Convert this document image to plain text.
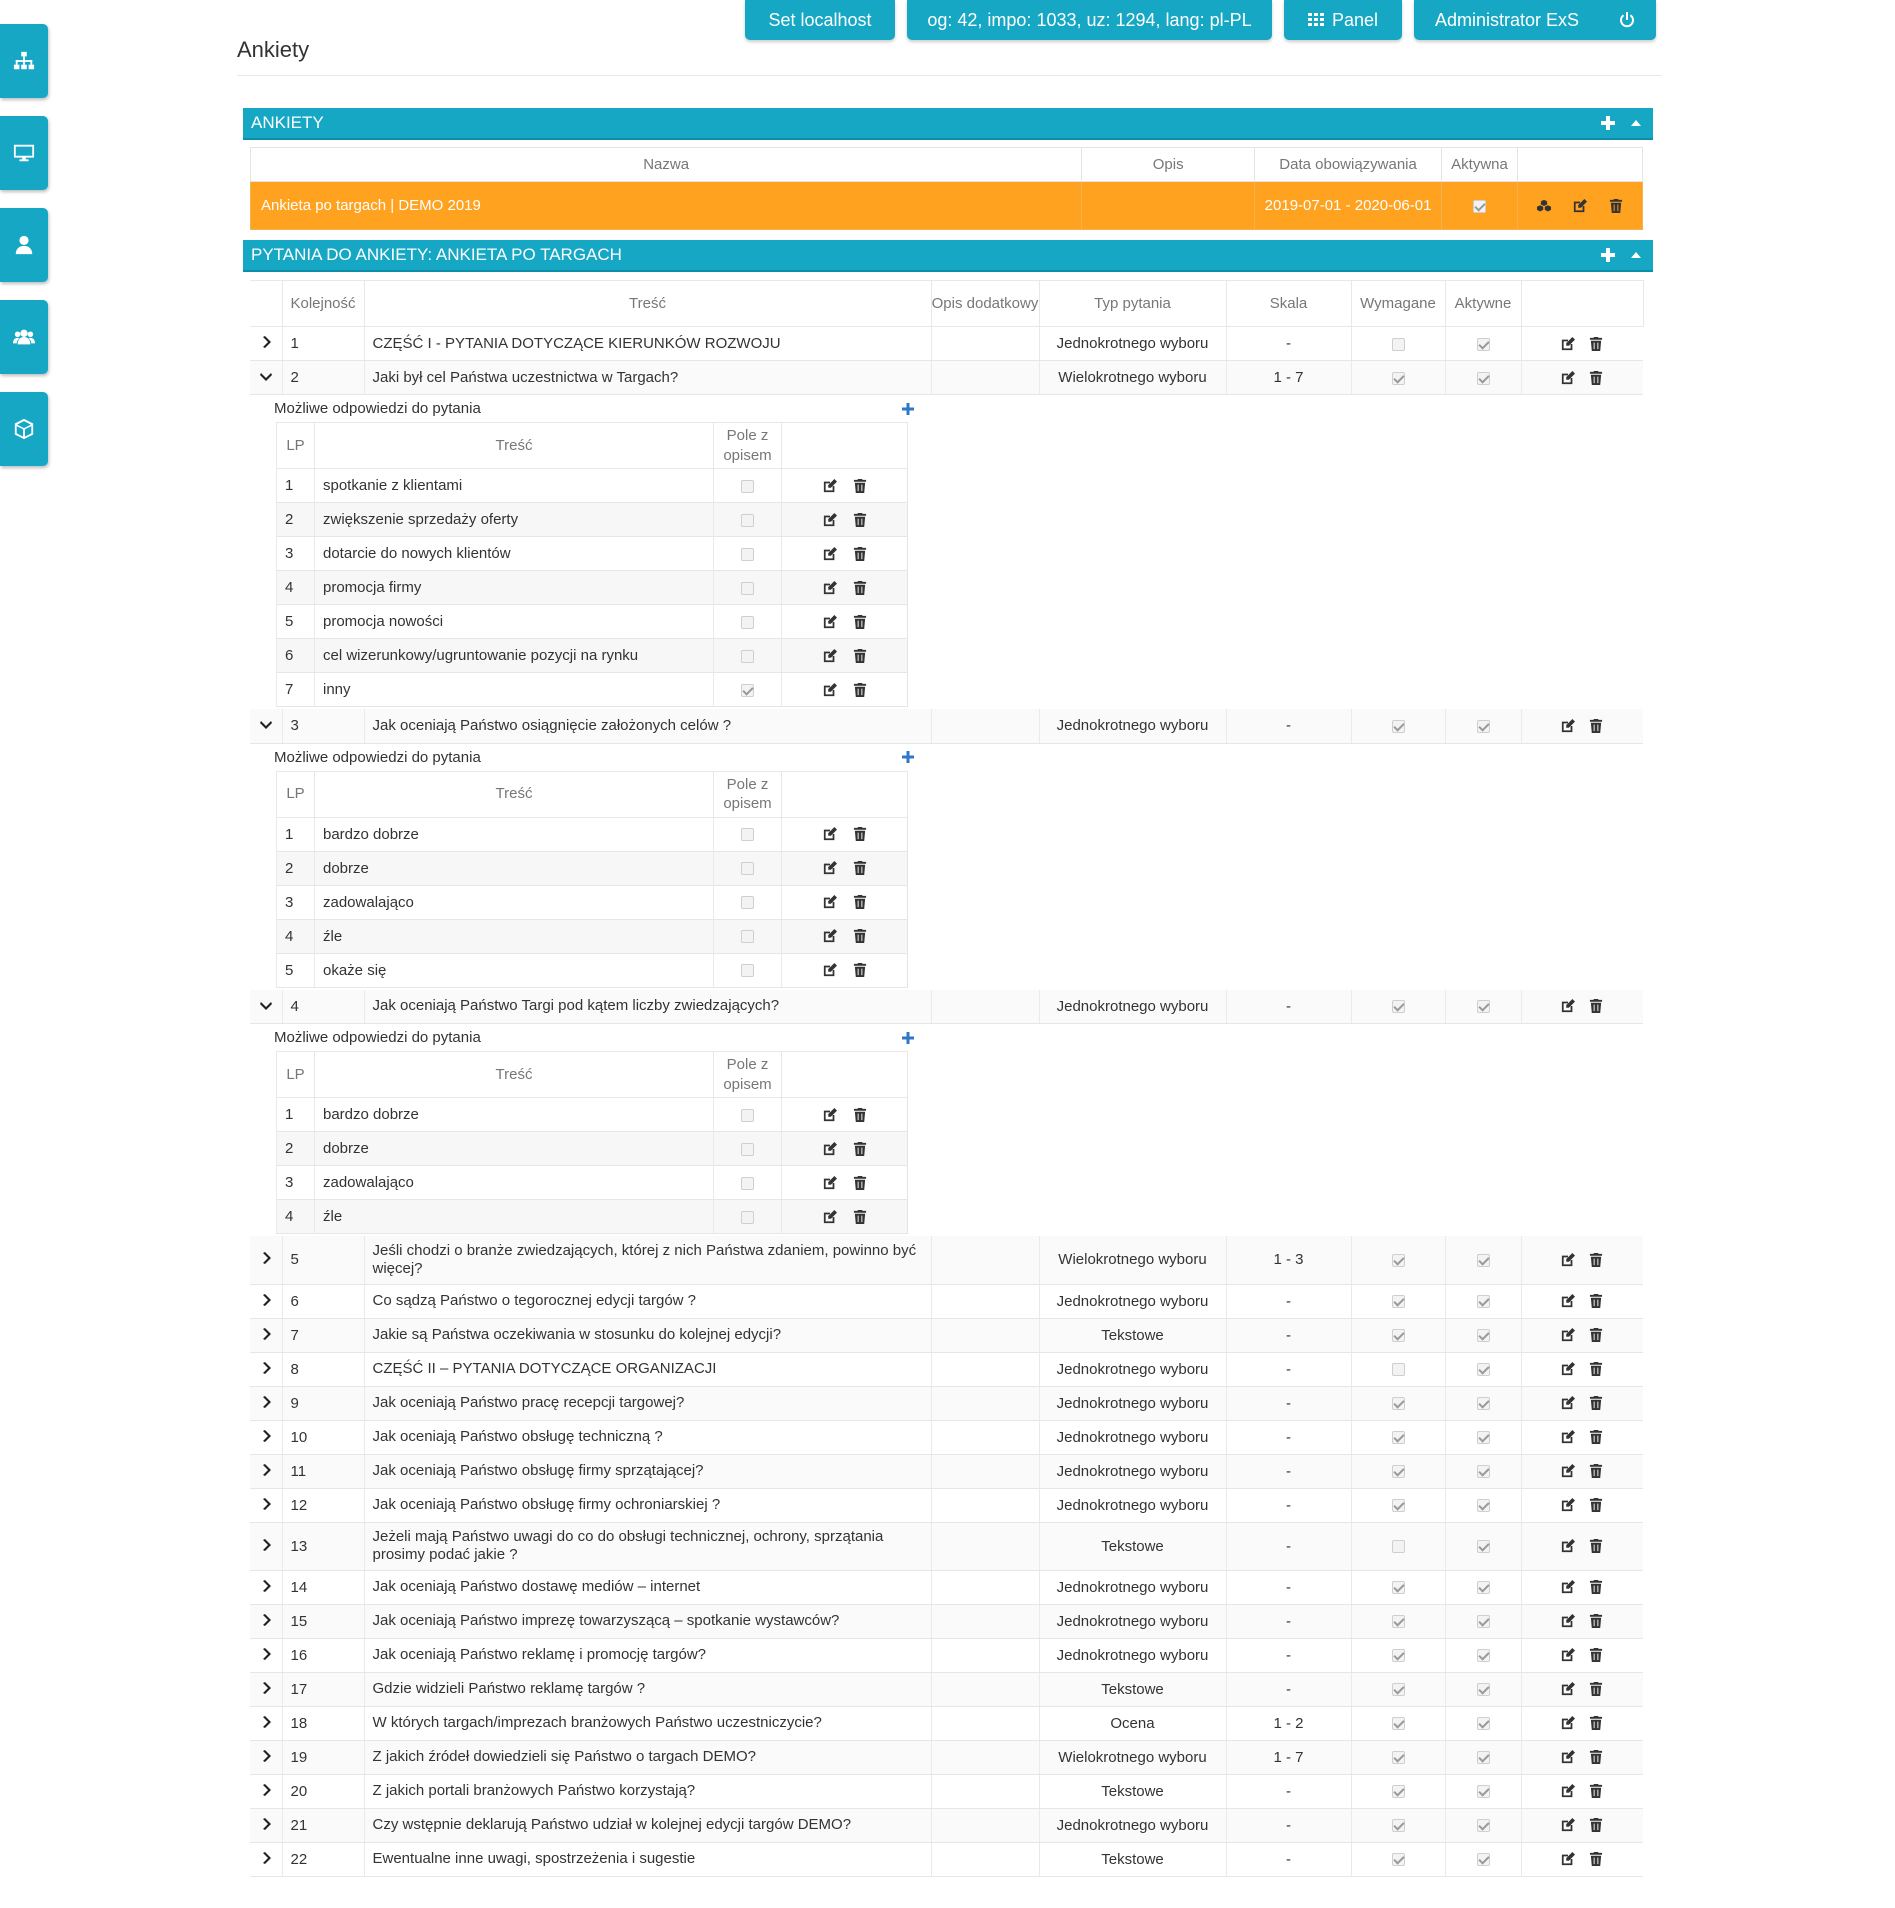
Set localhost	og: 42, impo: 1033, uz: 1294, lang: pl-PL	Panel	Administrator ExS
Ankiety
ANKIETY
Nazwa	Opis	Data obowiązywania	Aktywna	
Ankieta po targach | DEMO 2019		2019-07-01 - 2020-06-01		
PYTANIA DO ANKIETY: ANKIETA PO TARGACH
	Kolejność	Treść	Opis dodatkowy	Typ pytania	Skala	Wymagane	Aktywne	
	1	CZĘŚĆ I - PYTANIA DOTYCZĄCE KIERUNKÓW ROZWOJU		Jednokrotnego wyboru	-			

	2	Jaki był cel Państwa uczestnictwa w Targach?		Wielokrotnego wyboru	1 - 7			

Możliwe odpowiedzi do pytania
LP	Treść	Pole z opisem	
1	spotkanie z klientami		

2	zwiększenie sprzedaży oferty		

3	dotarcie do nowych klientów		

4	promocja firmy		

5	promocja nowości		

6	cel wizerunkowy/ugruntowanie pozycji na rynku		

7	inny		

	3	Jak oceniają Państwo osiągnięcie założonych celów ?		Jednokrotnego wyboru	-			

Możliwe odpowiedzi do pytania
LP	Treść	Pole z opisem	
1	bardzo dobrze		

2	dobrze		

3	zadowalająco		

4	źle		

5	okaże się		

	4	Jak oceniają Państwo Targi pod kątem liczby zwiedzających?		Jednokrotnego wyboru	-			

Możliwe odpowiedzi do pytania
LP	Treść	Pole z opisem	
1	bardzo dobrze		

2	dobrze		

3	zadowalająco		

4	źle		

	5	Jeśli chodzi o branże zwiedzających, której z nich Państwa zdaniem, powinno być więcej?		Wielokrotnego wyboru	1 - 3			

	6	Co sądzą Państwo o tegorocznej edycji targów ?		Jednokrotnego wyboru	-			

	7	Jakie są Państwa oczekiwania w stosunku do kolejnej edycji?		Tekstowe	-			

	8	CZĘŚĆ II – PYTANIA DOTYCZĄCE ORGANIZACJI		Jednokrotnego wyboru	-			

	9	Jak oceniają Państwo pracę recepcji targowej?		Jednokrotnego wyboru	-			

	10	Jak oceniają Państwo obsługę techniczną ?		Jednokrotnego wyboru	-			

	11	Jak oceniają Państwo obsługę firmy sprzątającej?		Jednokrotnego wyboru	-			

	12	Jak oceniają Państwo obsługę firmy ochroniarskiej ?		Jednokrotnego wyboru	-			

	13	Jeżeli mają Państwo uwagi do co do obsługi technicznej, ochrony, sprzątania prosimy podać jakie ?		Tekstowe	-			

	14	Jak oceniają Państwo dostawę mediów – internet		Jednokrotnego wyboru	-			

	15	Jak oceniają Państwo imprezę towarzyszącą – spotkanie wystawców?		Jednokrotnego wyboru	-			

	16	Jak oceniają Państwo reklamę i promocję targów?		Jednokrotnego wyboru	-			

	17	Gdzie widzieli Państwo reklamę targów ?		Tekstowe	-			

	18	W których targach/imprezach branżowych Państwo uczestniczycie?		Ocena	1 - 2			

	19	Z jakich źródeł dowiedzieli się Państwo o targach DEMO?		Wielokrotnego wyboru	1 - 7			

	20	Z jakich portali branżowych Państwo korzystają?		Tekstowe	-			

	21	Czy wstępnie deklarują Państwo udział w kolejnej edycji targów DEMO?		Jednokrotnego wyboru	-			

	22	Ewentualne inne uwagi, spostrzeżenia i sugestie		Tekstowe	-			
